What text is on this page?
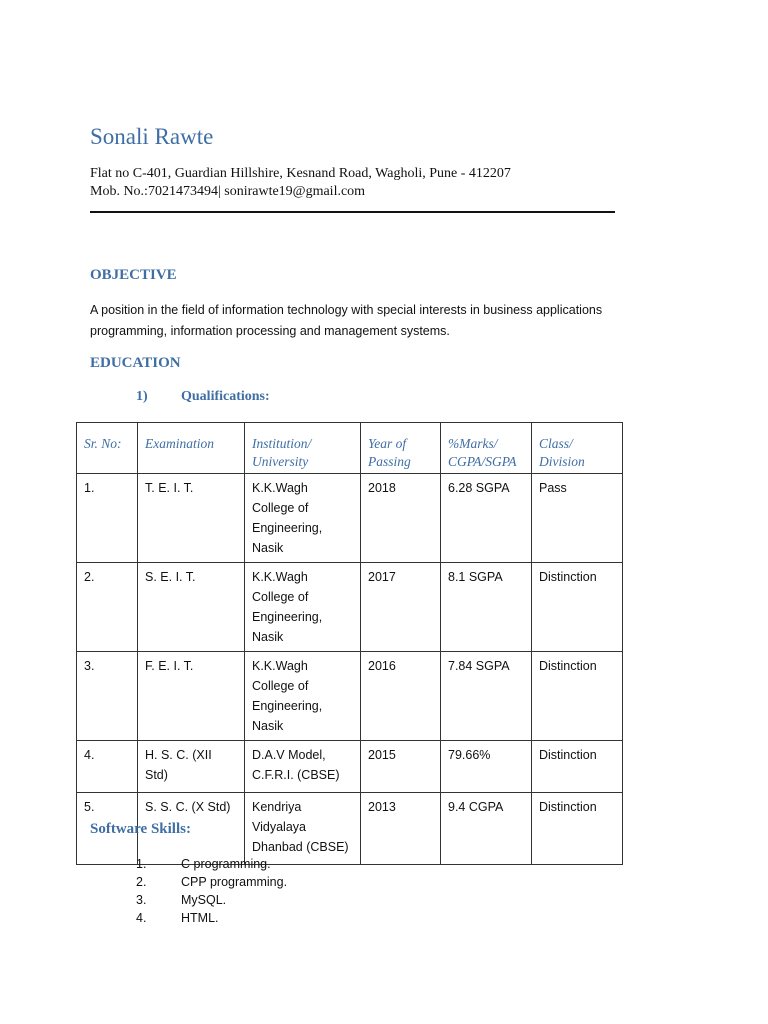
Sonali Rawte
Flat no C-401, Guardian Hillshire, Kesnand Road, Wagholi, Pune - 412207
Mob. No.:7021473494| sonirawte19@gmail.com
OBJECTIVE
A position in the field of information technology with special interests in business applications programming, information processing and management systems.
EDUCATION
1) Qualifications:
Sr. No:	Examination	Institution/ University	Year of Passing	%Marks/ CGPA/SGPA	Class/ Division
1.	T. E. I. T.	K.K.Wagh College of Engineering, Nasik	2018	6.28 SGPA	Pass
2.	S. E. I. T.	K.K.Wagh College of Engineering, Nasik	2017	8.1 SGPA	Distinction
3.	F. E. I. T.	K.K.Wagh College of Engineering, Nasik	2016	7.84 SGPA	Distinction
4.	H. S. C. (XII Std)	D.A.V Model, C.F.R.I. (CBSE)	2015	79.66%	Distinction
5.	S. S. C. (X Std)	Kendriya Vidyalaya Dhanbad (CBSE)	2013	9.4 CGPA	Distinction
Software Skills:
1.	C programming.
2.	CPP programming.
3.	MySQL.
4.	HTML.
